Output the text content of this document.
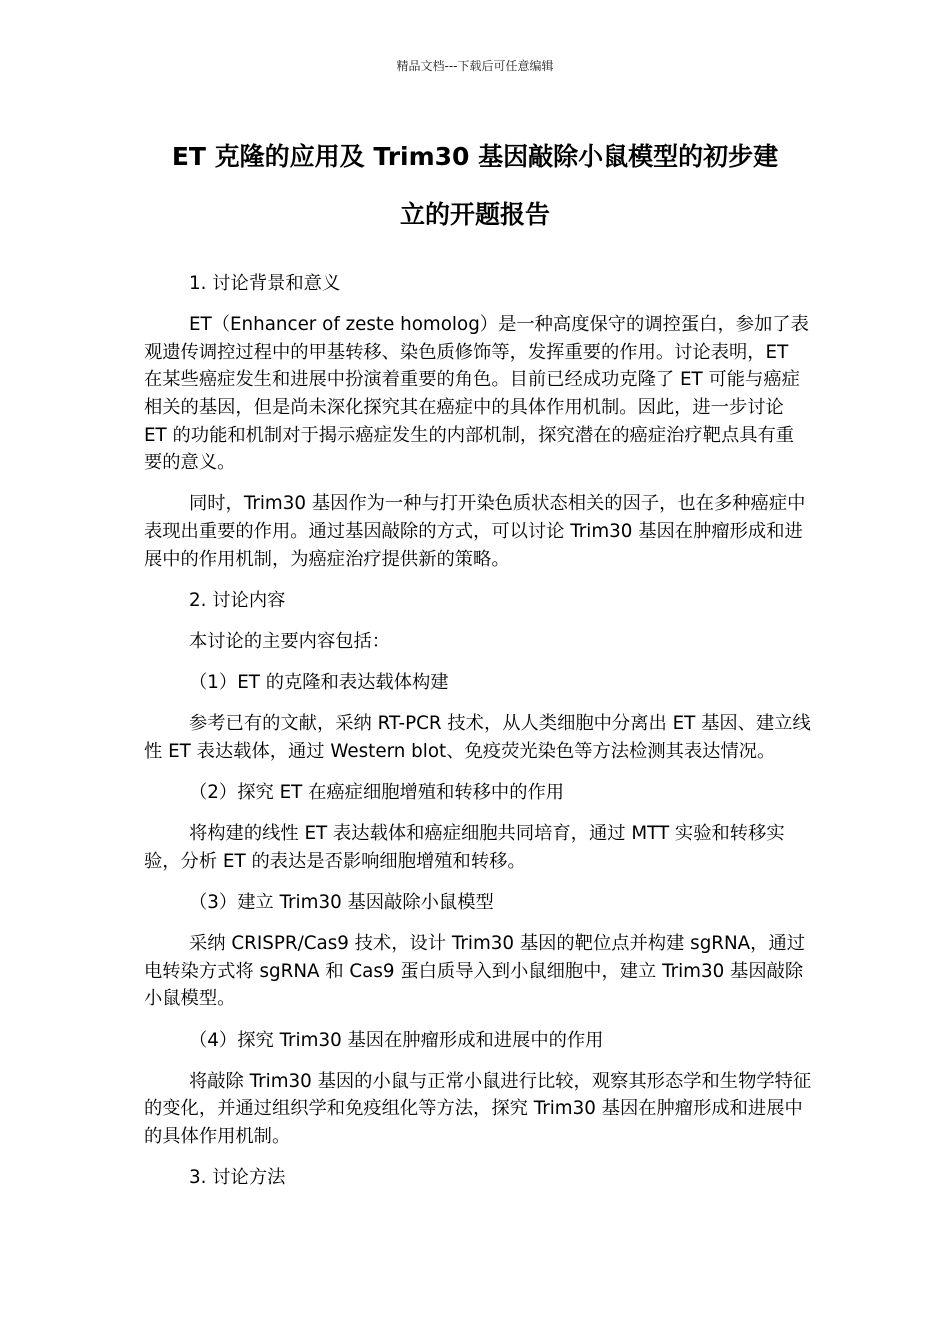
精品文档---下载后可任意编辑
ET 克隆的应用及 Trim30 基因敲除小鼠模型的初步建
立的开题报告

1. 讨论背景和意义

ET（Enhancer of zeste homolog）是一种高度保守的调控蛋白，参加了表观遗传调控过程中的甲基转移、染色质修饰等，发挥重要的作用。讨论表明，ET 在某些癌症发生和进展中扮演着重要的角色。目前已经成功克隆了 ET 可能与癌症相关的基因，但是尚未深化探究其在癌症中的具体作用机制。因此，进一步讨论 ET 的功能和机制对于揭示癌症发生的内部机制，探究潜在的癌症治疗靶点具有重要的意义。

同时，Trim30 基因作为一种与打开染色质状态相关的因子，也在多种癌症中表现出重要的作用。通过基因敲除的方式，可以讨论 Trim30 基因在肿瘤形成和进展中的作用机制，为癌症治疗提供新的策略。

2. 讨论内容

本讨论的主要内容包括：

（1）ET 的克隆和表达载体构建

参考已有的文献，采纳 RT-PCR 技术，从人类细胞中分离出 ET 基因、建立线性 ET 表达载体，通过 Western blot、免疫荧光染色等方法检测其表达情况。

（2）探究 ET 在癌症细胞增殖和转移中的作用

将构建的线性 ET 表达载体和癌症细胞共同培育，通过 MTT 实验和转移实验，分析 ET 的表达是否影响细胞增殖和转移。

（3）建立 Trim30 基因敲除小鼠模型

采纳 CRISPR/Cas9 技术，设计 Trim30 基因的靶位点并构建 sgRNA，通过电转染方式将 sgRNA 和 Cas9 蛋白质导入到小鼠细胞中，建立 Trim30 基因敲除小鼠模型。

（4）探究 Trim30 基因在肿瘤形成和进展中的作用

将敲除 Trim30 基因的小鼠与正常小鼠进行比较，观察其形态学和生物学特征的变化，并通过组织学和免疫组化等方法，探究 Trim30 基因在肿瘤形成和进展中的具体作用机制。

3. 讨论方法
